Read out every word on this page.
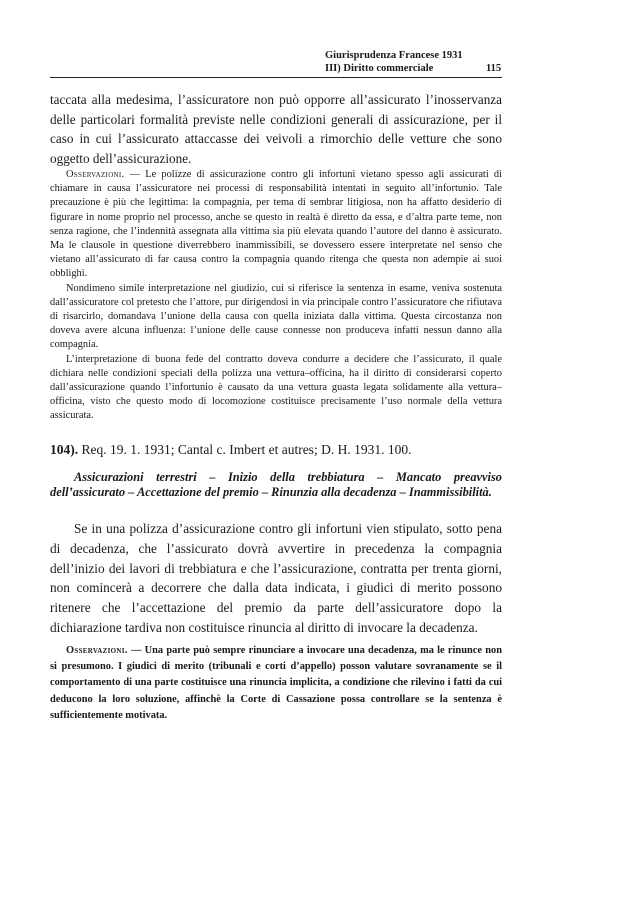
Giurisprudenza Francese 1931
III) Diritto commerciale	115
taccata alla medesima, l’assicuratore non può opporre all’assicurato l’inosservanza delle particolari formalità previste nelle condizioni generali di assicurazione, per il caso in cui l’assicurato attaccasse dei veivoli a rimorchio delle vetture che sono oggetto dell’assicurazione.

Osservazioni. — Le polizze di assicurazione contro gli infortuni vietano spesso agli assicurati di chiamare in causa l’assicuratore nei processi di responsabilità intentati in seguito all’infortunio. Tale precauzione è più che legittima: la compagnia, per tema di sembrar litigiosa, non ha affatto desiderio di figurare in nome proprio nel processo, anche se questo in realtà è diretto da essa, e d’altra parte teme, non senza ragione, che l’indennità assegnata alla vittima sia più elevata quando l’autore del danno è assicurato. Ma le clausole in questione diverrebbero inammissibili, se dovessero essere interpretate nel senso che vietano all’assicurato di far causa contro la compagnia quando ritenga che questa non adempie ai suoi obblighi.

Nondimeno simile interpretazione nel giudizio, cui si riferisce la sentenza in esame, veniva sostenuta dall’assicuratore col pretesto che l’attore, pur dirigendosi in via principale contro l’assicuratore che rifiutava di risarcirlo, domandava l’unione della causa con quella iniziata dalla vittima. Questa circostanza non doveva avere alcuna influenza: l’unione delle cause connesse non produceva infatti nessun danno alla compagnia.

L’interpretazione di buona fede del contratto doveva condurre a decidere che l’assicurato, il quale dichiara nelle condizioni speciali della polizza una vettura–officina, ha il diritto di considerarsi coperto dall’assicurazione quando l’infortunio è causato da una vettura guasta legata solidamente alla vettura–officina, visto che questo modo di locomozione costituisce precisamente l’uso normale della vettura assicurata.

104). Req. 19. 1. 1931; Cantal c. Imbert et autres; D. H. 1931. 100.

Assicurazioni terrestri – Inizio della trebbiatura – Mancato preavviso dell’assicurato – Accettazione del premio – Rinunzia alla decadenza – Inammissibilità.

Se in una polizza d’assicurazione contro gli infortuni vien stipulato, sotto pena di decadenza, che l’assicurato dovrà avvertire in precedenza la compagnia dell’inizio dei lavori di trebbiatura e che l’assicurazione, contratta per trenta giorni, non comincerà a decorrere che dalla data indicata, i giudici di merito possono ritenere che l’accettazione del premio da parte dell’assicuratore dopo la dichiarazione tardiva non costituisce rinuncia al diritto di invocare la decadenza.

Osservazioni. — Una parte può sempre rinunciare a invocare una decadenza, ma le rinunce non si presumono. I giudici di merito (tribunali e corti d’appello) posson valutare sovranamente se il comportamento di una parte costituisce una rinuncia implicita, a condizione che rilevino i fatti da cui deducono la loro soluzione, affinchè la Corte di Cassazione possa controllare se la sentenza è sufficientemente motivata.
